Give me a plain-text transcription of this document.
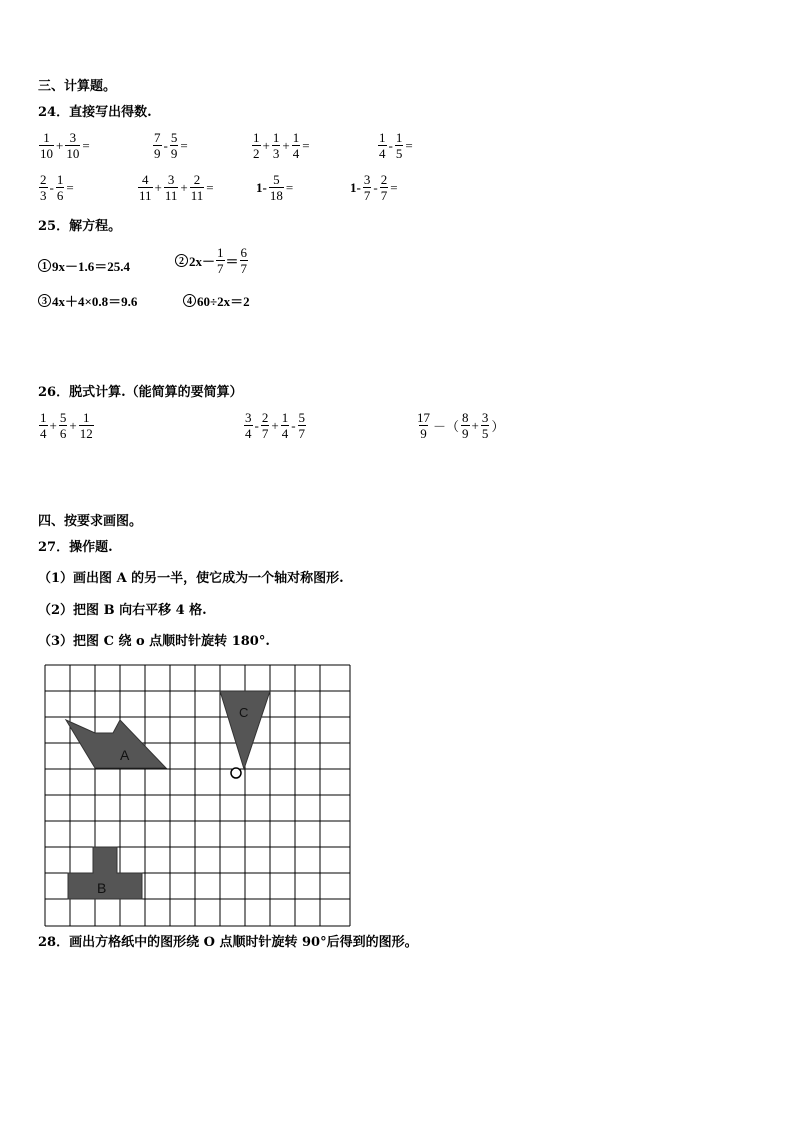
三、计算题。
24．直接写出得数.
$\frac{1}{10} + \frac{3}{10}$ =	$\frac{7}{9} - \frac{5}{9}$ =	$\frac{1}{2} + \frac{1}{3} + \frac{1}{4}$ =	$\frac{1}{4} - \frac{1}{5}$ =
$\frac{2}{3} - \frac{1}{6}$ =	$\frac{4}{11} + \frac{3}{11} + \frac{2}{11}$ =	$1- \frac{5}{18}$ =	$1- \frac{3}{7} - \frac{2}{7}$ =
25．解方程。
1 9x－1.6＝25.4	2 $2x- \frac{1}{7} = \frac{6}{7}$
3 4x＋4×0.8＝9.6	4 60÷2x＝2
26．脱式计算.（能简算的要简算）
$\frac{1}{4} + \frac{5}{6} + \frac{1}{12}$	$\frac{3}{4} - \frac{2}{7} + \frac{1}{4} - \frac{5}{7}$	$\frac{17}{9}$ －（ $\frac{8}{9} + \frac{3}{5}$ ）
四、按要求画图。
27．操作题.
（1）画出图 A 的另一半，使它成为一个轴对称图形.
（2）把图 B 向右平移 4 格.
（3）把图 C 绕 o 点顺时针旋转 180°.
A
B
C
28．画出方格纸中的图形绕 O 点顺时针旋转 90°后得到的图形。
